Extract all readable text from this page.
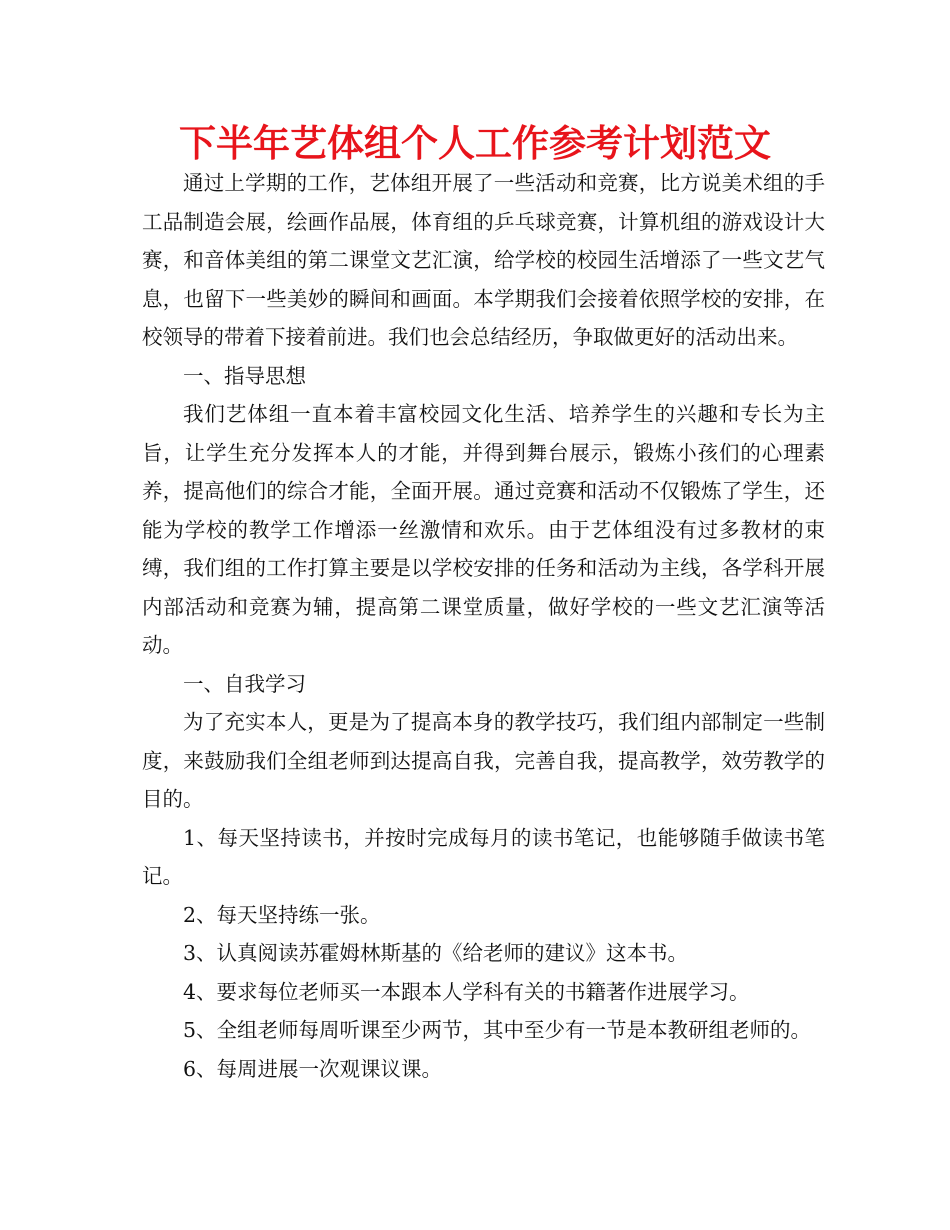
下半年艺体组个人工作参考计划范文

通过上学期的工作，艺体组开展了一些活动和竞赛，比方说美术组的手工品制造会展，绘画作品展，体育组的乒乓球竞赛，计算机组的游戏设计大赛，和音体美组的第二课堂文艺汇演，给学校的校园生活增添了一些文艺气息，也留下一些美妙的瞬间和画面。本学期我们会接着依照学校的安排，在校领导的带着下接着前进。我们也会总结经历，争取做更好的活动出来。

一、指导思想

我们艺体组一直本着丰富校园文化生活、培养学生的兴趣和专长为主旨，让学生充分发挥本人的才能，并得到舞台展示，锻炼小孩们的心理素养，提高他们的综合才能，全面开展。通过竞赛和活动不仅锻炼了学生，还能为学校的教学工作增添一丝激情和欢乐。由于艺体组没有过多教材的束缚，我们组的工作打算主要是以学校安排的任务和活动为主线，各学科开展内部活动和竞赛为辅，提高第二课堂质量，做好学校的一些文艺汇演等活动。

一、自我学习

为了充实本人，更是为了提高本身的教学技巧，我们组内部制定一些制度，来鼓励我们全组老师到达提高自我，完善自我，提高教学，效劳教学的目的。

1、每天坚持读书，并按时完成每月的读书笔记，也能够随手做读书笔记。

2、每天坚持练一张。

3、认真阅读苏霍姆林斯基的《给老师的建议》这本书。

4、要求每位老师买一本跟本人学科有关的书籍著作进展学习。

5、全组老师每周听课至少两节，其中至少有一节是本教研组老师的。

6、每周进展一次观课议课。
